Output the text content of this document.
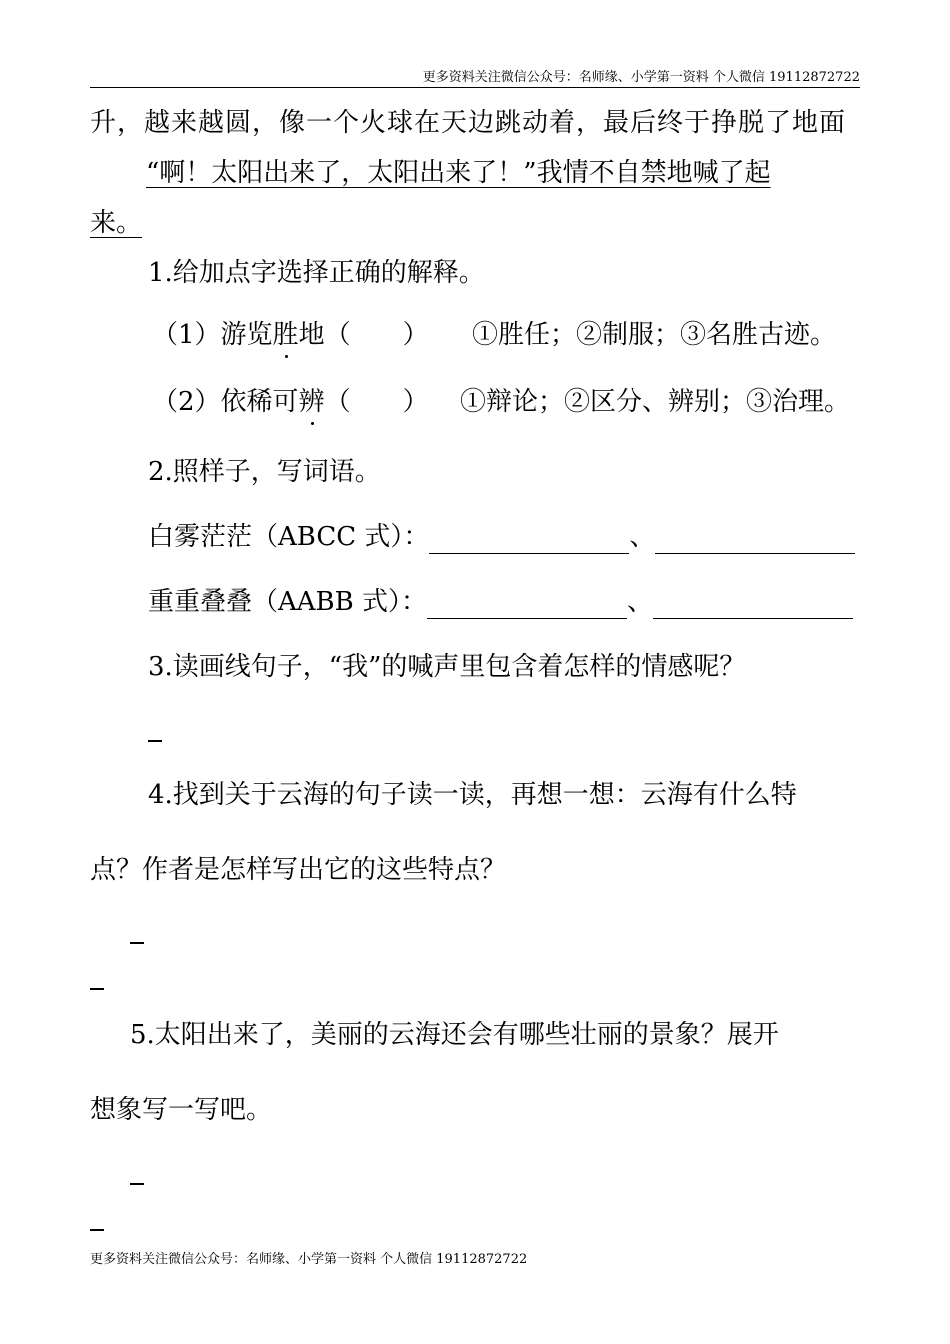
更多资料关注微信公众号：名师缘、小学第一资料 个人微信 19112872722
升，越来越圆，像一个火球在天边跳动着，最后终于挣脱了地面
“啊！太阳出来了，太阳出来了！”我情不自禁地喊了起
来。
1.给加点字选择正确的解释。
（1）游览胜地（　　） ①胜任；②制服；③名胜古迹。
（2）依稀可辨（　　） ①辩论；②区分、辨别；③治理。
2.照样子，写词语。
白雾茫茫（ABCC 式）：	、
重重叠叠（AABB 式）：	、
3.读画线句子，“我”的喊声里包含着怎样的情感呢？
4.找到关于云海的句子读一读，再想一想：云海有什么特
点？作者是怎样写出它的这些特点？
5.太阳出来了，美丽的云海还会有哪些壮丽的景象？展开
想象写一写吧。
更多资料关注微信公众号：名师缘、小学第一资料 个人微信 19112872722
